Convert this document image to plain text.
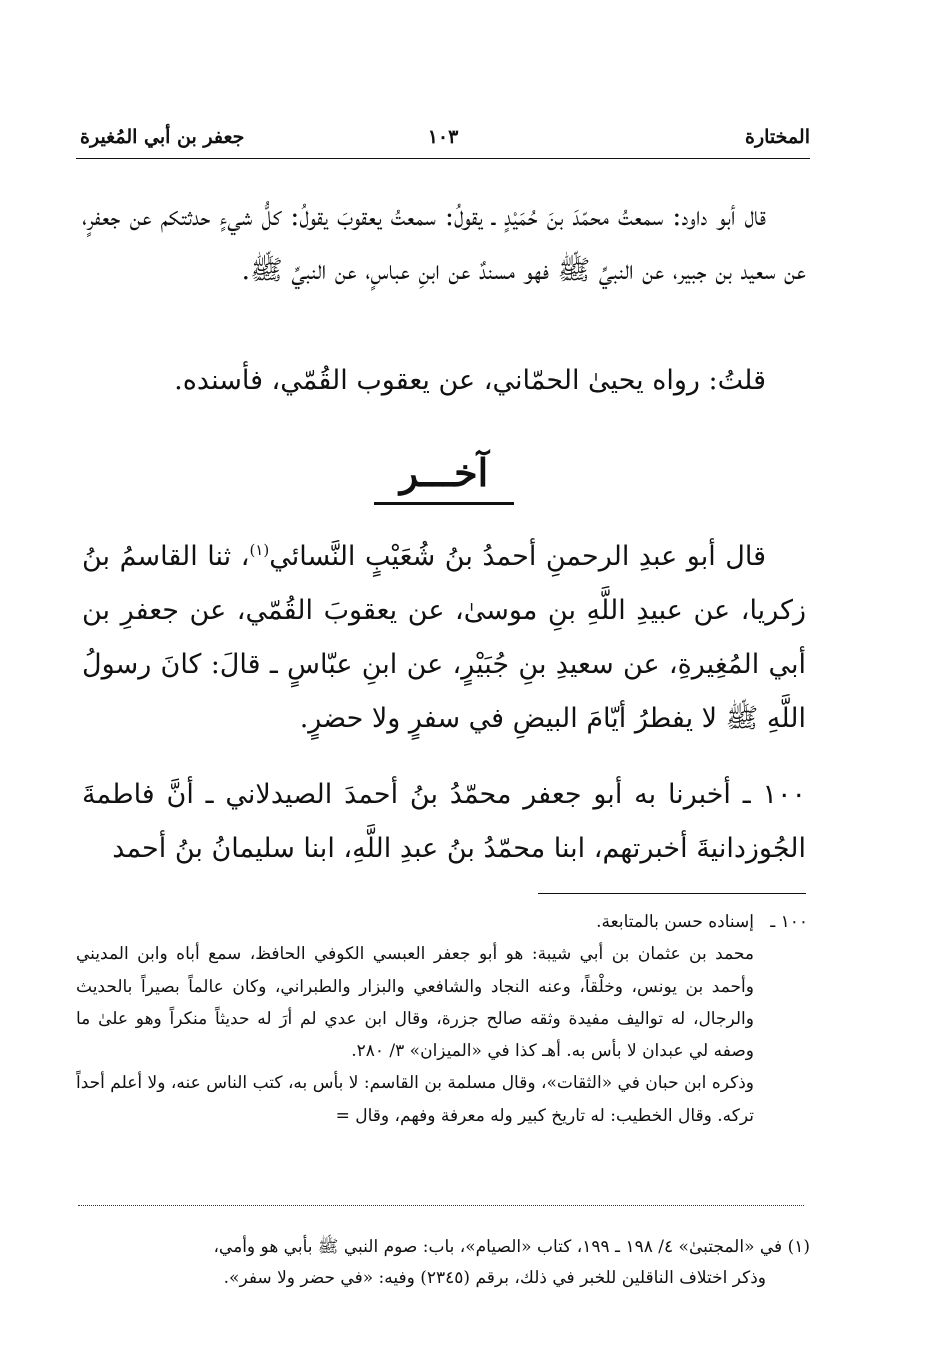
المختارة
١٠٣
جعفر بن أبي المُغيرة
قال أبو داود: سمعتُ محمّدَ بنَ حُمَيْدٍ ـ يقولُ: سمعتُ يعقوبَ يقولُ: كلُّ شيءٍ حدثتكم عن جعفرٍ، عن سعيد بن جبير، عن النبيِّ ﷺ فهو مسندٌ عن ابنِ عباسٍ، عن النبيِّ ﷺ.
قلتُ: رواه يحيىٰ الحمّاني، عن يعقوب القُمّي، فأسنده.
آخـــر
قال أبو عبدِ الرحمنِ أحمدُ بنُ شُعَيْبٍ النَّسائي$^{(١)}$، ثنا القاسمُ بنُ زكريا، عن عبيدِ اللَّهِ بنِ موسىٰ، عن يعقوبَ القُمّي، عن جعفرِ بن أبي المُغِيرةِ، عن سعيدِ بنِ جُبَيْرٍ، عن ابنِ عبّاسٍ ـ قالَ: كانَ رسولُ اللَّهِ ﷺ لا يفطرُ أيّامَ البيضِ في سفرٍ ولا حضرٍ.
١٠٠ ـ أخبرنا به أبو جعفر محمّدُ بنُ أحمدَ الصيدلاني ـ أنَّ فاطمةَ الجُوزدانيةَ أخبرتهم، ابنا محمّدُ بنُ عبدِ اللَّهِ، ابنا سليمانُ بنُ أحمد

١٠٠ ـإسناده حسن بالمتابعة.

محمد بن عثمان بن أبي شيبة: هو أبو جعفر العبسي الكوفي الحافظ، سمع أباه وابن المديني وأحمد بن يونس، وخلْقاً، وعنه النجاد والشافعي والبزار والطبراني، وكان عالماً بصيراً بالحديث والرجال، له تواليف مفيدة وثقه صالح جزرة، وقال ابن عدي لم أرَ له حديثاً منكراً وهو علىٰ ما وصفه لي عبدان لا بأس به. أهـ كذا في «الميزان» ٣/ ٢٨٠.

وذكره ابن حبان في «الثقات»، وقال مسلمة بن القاسم: لا بأس به، كتب الناس عنه، ولا أعلم أحداً تركه. وقال الخطيب: له تاريخ كبير وله معرفة وفهم، وقال =

(١) في «المجتبىٰ» ٤/ ١٩٨ ـ ١٩٩، كتاب «الصيام»، باب: صوم النبي ﷺ بأبي هو وأمي،

وذكر اختلاف الناقلين للخبر في ذلك، برقم (٢٣٤٥) وفيه: «في حضر ولا سفر».
